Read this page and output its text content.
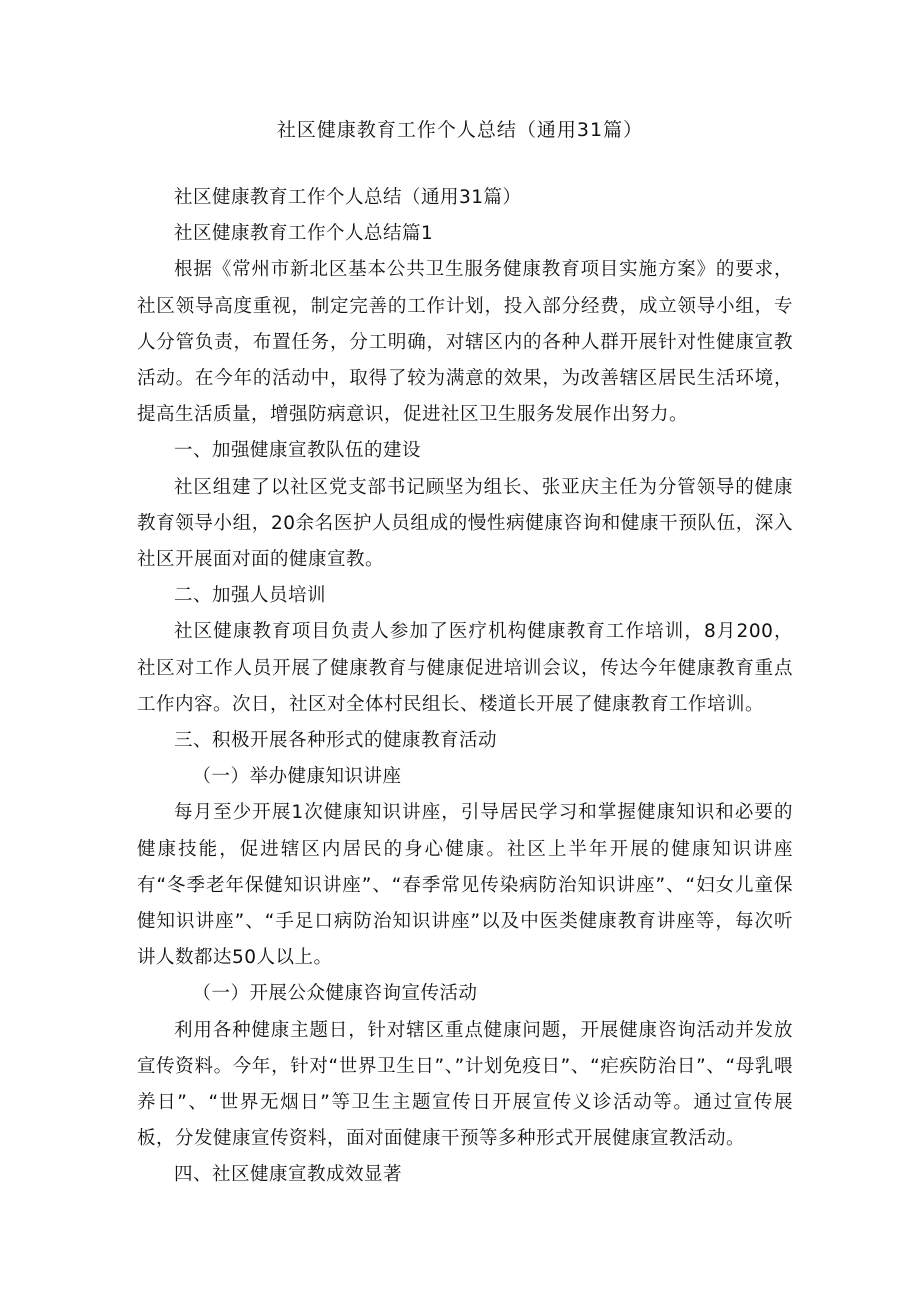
社区健康教育工作个人总结（通用31篇）

社区健康教育工作个人总结（通用31篇）

社区健康教育工作个人总结篇1

根据《常州市新北区基本公共卫生服务健康教育项目实施方案》的要求，社区领导高度重视，制定完善的工作计划，投入部分经费，成立领导小组，专人分管负责，布置任务，分工明确，对辖区内的各种人群开展针对性健康宣教活动。在今年的活动中，取得了较为满意的效果，为改善辖区居民生活环境，提高生活质量，增强防病意识，促进社区卫生服务发展作出努力。

一、加强健康宣教队伍的建设

社区组建了以社区党支部书记顾坚为组长、张亚庆主任为分管领导的健康教育领导小组，20余名医护人员组成的慢性病健康咨询和健康干预队伍，深入社区开展面对面的健康宣教。

二、加强人员培训

社区健康教育项目负责人参加了医疗机构健康教育工作培训，8月200，社区对工作人员开展了健康教育与健康促进培训会议，传达今年健康教育重点工作内容。次日，社区对全体村民组长、楼道长开展了健康教育工作培训。

三、积极开展各种形式的健康教育活动

（一）举办健康知识讲座

每月至少开展1次健康知识讲座，引导居民学习和掌握健康知识和必要的健康技能，促进辖区内居民的身心健康。社区上半年开展的健康知识讲座有“冬季老年保健知识讲座”、“春季常见传染病防治知识讲座”、“妇女儿童保健知识讲座”、“手足口病防治知识讲座”以及中医类健康教育讲座等，每次听讲人数都达50人以上。

（一）开展公众健康咨询宣传活动

利用各种健康主题日，针对辖区重点健康问题，开展健康咨询活动并发放宣传资料。今年，针对“世界卫生日”、”计划免疫日”、“疟疾防治日”、“母乳喂养日”、“世界无烟日”等卫生主题宣传日开展宣传义诊活动等。通过宣传展板，分发健康宣传资料，面对面健康干预等多种形式开展健康宣教活动。

四、社区健康宣教成效显著
